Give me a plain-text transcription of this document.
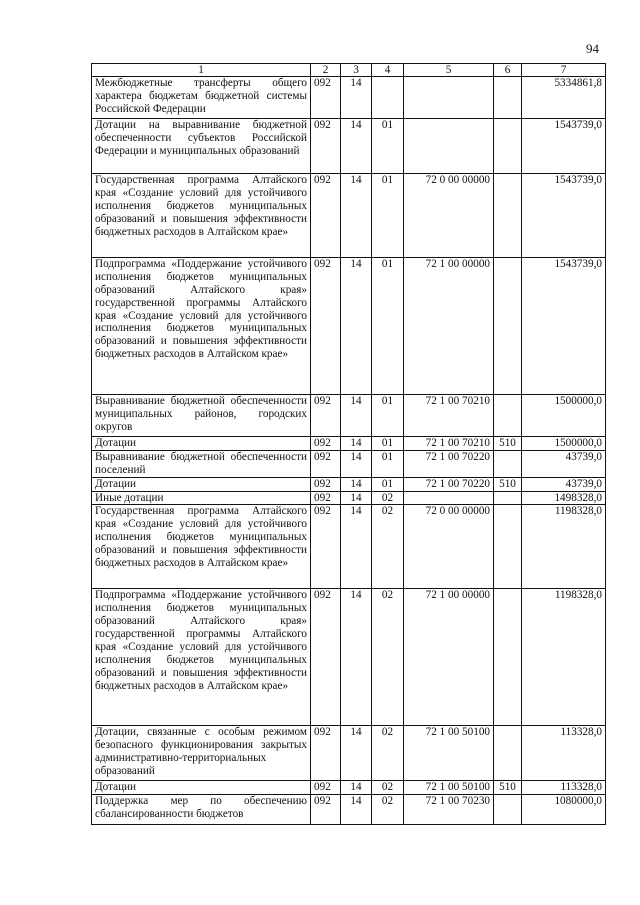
94
1	2	3	4	5	6	7
Межбюджетные трансферты общего характера бюджетам бюджетной системы Российской Федерации	092	14				5334861,8
Дотации на выравнивание бюджетной обеспеченности субъектов Российской Федерации и муниципальных образований	092	14	01			1543739,0
Государственная программа Алтайского края «Создание условий для устойчивого исполнения бюджетов муниципальных образований и повышения эффективности бюджетных расходов в Алтайском крае»	092	14	01	72 0 00 00000		1543739,0
Подпрограмма «Поддержание устойчивого исполнения бюджетов муниципальных образований Алтайского края» государственной программы Алтайского края «Создание условий для устойчивого исполнения бюджетов муниципальных образований и повышения эффективности бюджетных расходов в Алтайском крае»	092	14	01	72 1 00 00000		1543739,0
Выравнивание бюджетной обеспеченности муниципальных районов, городских округов	092	14	01	72 1 00 70210		1500000,0
Дотации	092	14	01	72 1 00 70210	510	1500000,0
Выравнивание бюджетной обеспеченности поселений	092	14	01	72 1 00 70220		43739,0
Дотации	092	14	01	72 1 00 70220	510	43739,0
Иные дотации	092	14	02			1498328,0
Государственная программа Алтайского края «Создание условий для устойчивого исполнения бюджетов муниципальных образований и повышения эффективности бюджетных расходов в Алтайском крае»	092	14	02	72 0 00 00000		1198328,0
Подпрограмма «Поддержание устойчивого исполнения бюджетов муниципальных образований Алтайского края» государственной программы Алтайского края «Создание условий для устойчивого исполнения бюджетов муниципальных образований и повышения эффективности бюджетных расходов в Алтайском крае»	092	14	02	72 1 00 00000		1198328,0
Дотации, связанные с особым режимом безопасного функционирования закрытых административно-территориальных образований	092	14	02	72 1 00 50100		113328,0
Дотации	092	14	02	72 1 00 50100	510	113328,0
Поддержка мер по обеспечению сбалансированности бюджетов	092	14	02	72 1 00 70230		1080000,0
